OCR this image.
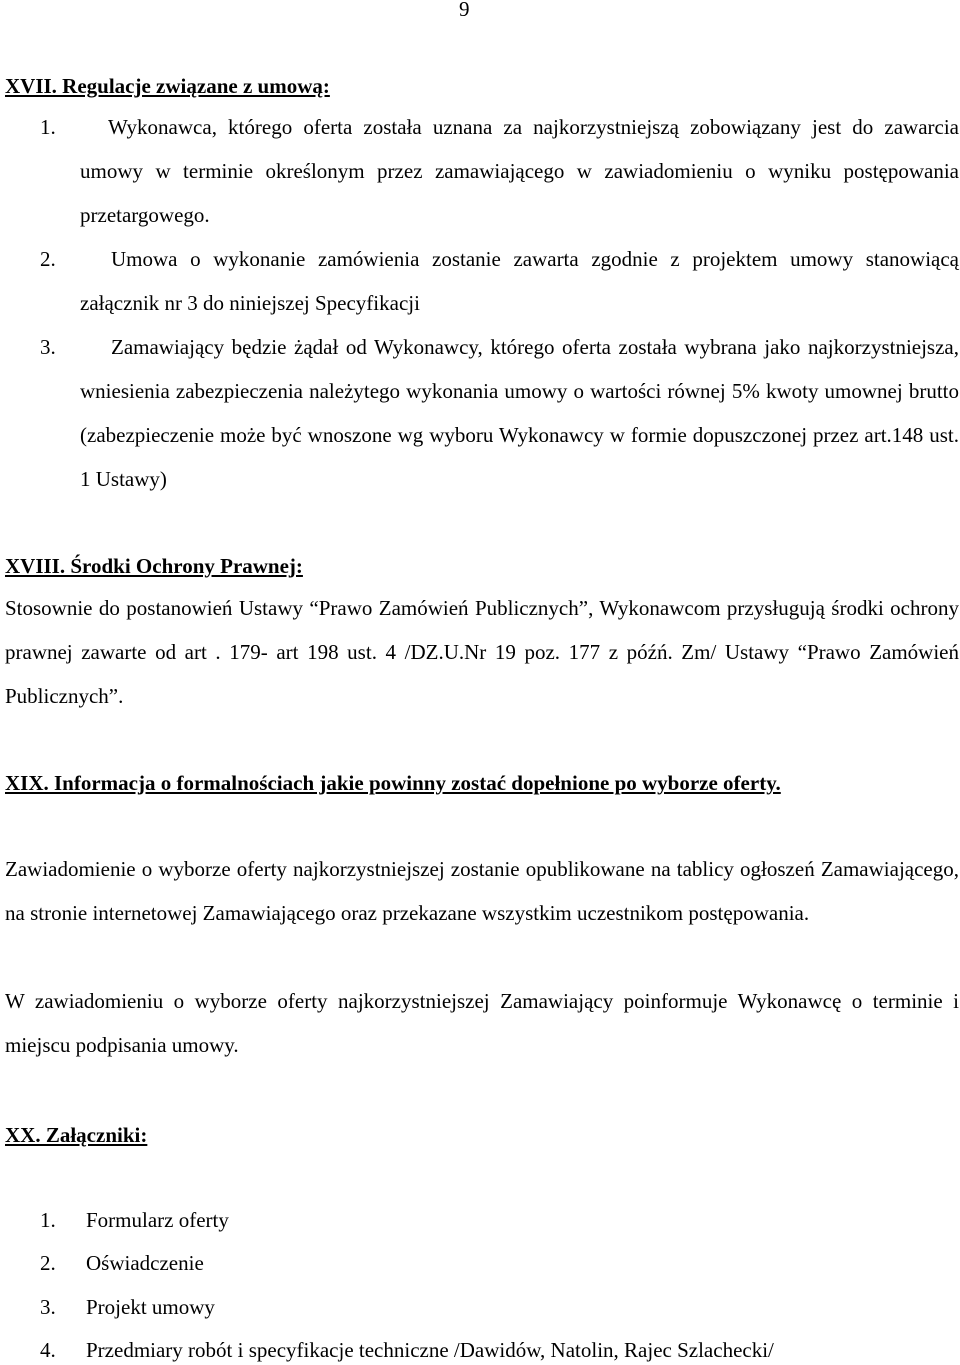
9
XVII. Regulacje związane z umową:
1.	Wykonawca, którego oferta została uznana za najkorzystniejszą zobowiązany jest do zawarcia umowy w terminie określonym przez zamawiającego w zawiadomieniu o wyniku postępowania przetargowego.
2.	Umowa o wykonanie zamówienia zostanie zawarta zgodnie z projektem umowy stanowiącą załącznik nr 3 do niniejszej Specyfikacji
3.	Zamawiający będzie żądał od Wykonawcy, którego oferta została wybrana jako najkorzystniejsza, wniesienia zabezpieczenia należytego wykonania umowy o wartości równej 5% kwoty umownej brutto (zabezpieczenie może być wnoszone wg wyboru Wykonawcy w formie dopuszczonej przez art.148 ust. 1 Ustawy)
XVIII. Środki Ochrony Prawnej:
Stosownie do postanowień Ustawy “Prawo Zamówień Publicznych”, Wykonawcom przysługują środki ochrony prawnej zawarte od art . 179- art 198 ust. 4 /DZ.U.Nr 19 poz. 177 z późń. Zm/ Ustawy “Prawo Zamówień Publicznych”.
XIX. Informacja o formalnościach jakie powinny zostać dopełnione po wyborze oferty.
Zawiadomienie o wyborze oferty najkorzystniejszej zostanie opublikowane na tablicy ogłoszeń Zamawiającego, na stronie internetowej Zamawiającego oraz przekazane wszystkim uczestnikom postępowania.
W zawiadomieniu o wyborze oferty najkorzystniejszej Zamawiający poinformuje Wykonawcę o terminie i miejscu podpisania umowy.
XX. Załączniki:
1. Formularz oferty
2. Oświadczenie
3. Projekt umowy
4. Przedmiary robót i specyfikacje techniczne /Dawidów, Natolin, Rajec Szlachecki/
